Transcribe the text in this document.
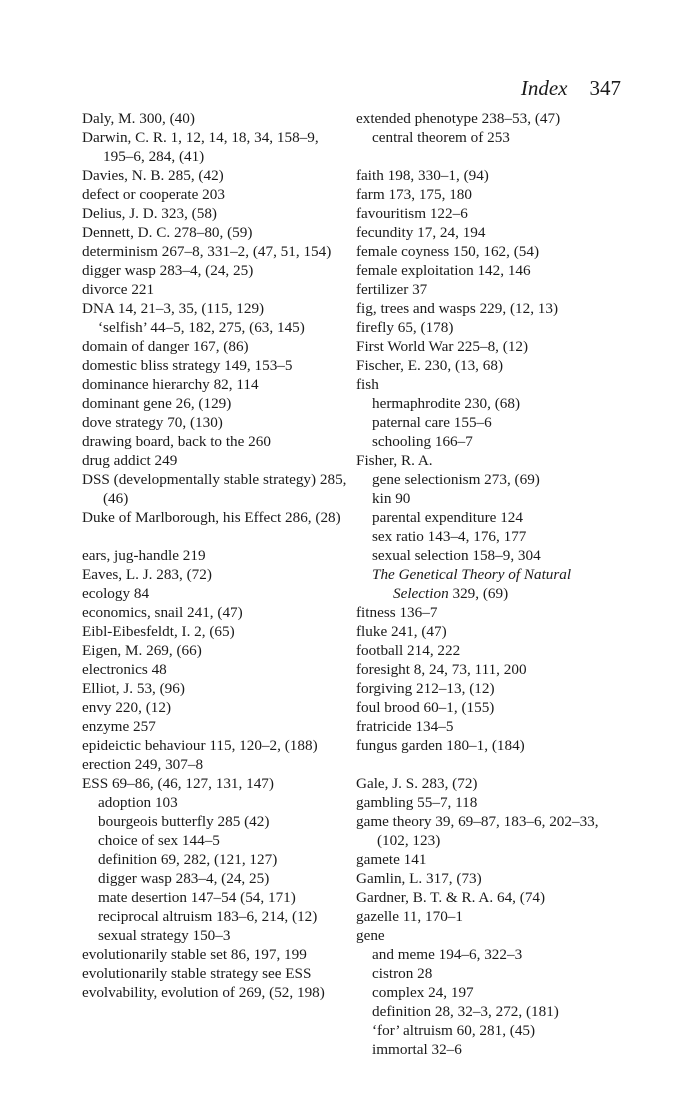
Index 347
Daly, M. 300, (40)
Darwin, C. R. 1, 12, 14, 18, 34, 158–9, 195–6, 284, (41)
Davies, N. B. 285, (42)
defect or cooperate 203
Delius, J. D. 323, (58)
Dennett, D. C. 278–80, (59)
determinism 267–8, 331–2, (47, 51, 154)
digger wasp 283–4, (24, 25)
divorce 221
DNA 14, 21–3, 35, (115, 129)
‘selfish’ 44–5, 182, 275, (63, 145)
domain of danger 167, (86)
domestic bliss strategy 149, 153–5
dominance hierarchy 82, 114
dominant gene 26, (129)
dove strategy 70, (130)
drawing board, back to the 260
drug addict 249
DSS (developmentally stable strategy) 285, (46)
Duke of Marlborough, his Effect 286, (28)
ears, jug-handle 219
Eaves, L. J. 283, (72)
ecology 84
economics, snail 241, (47)
Eibl-Eibesfeldt, I. 2, (65)
Eigen, M. 269, (66)
electronics 48
Elliot, J. 53, (96)
envy 220, (12)
enzyme 257
epideictic behaviour 115, 120–2, (188)
erection 249, 307–8
ESS 69–86, (46, 127, 131, 147)
adoption 103
bourgeois butterfly 285 (42)
choice of sex 144–5
definition 69, 282, (121, 127)
digger wasp 283–4, (24, 25)
mate desertion 147–54 (54, 171)
reciprocal altruism 183–6, 214, (12)
sexual strategy 150–3
evolutionarily stable set 86, 197, 199
evolutionarily stable strategy see ESS
evolvability, evolution of 269, (52, 198)
extended phenotype 238–53, (47)
central theorem of 253
faith 198, 330–1, (94)
farm 173, 175, 180
favouritism 122–6
fecundity 17, 24, 194
female coyness 150, 162, (54)
female exploitation 142, 146
fertilizer 37
fig, trees and wasps 229, (12, 13)
firefly 65, (178)
First World War 225–8, (12)
Fischer, E. 230, (13, 68)
fish
hermaphrodite 230, (68)
paternal care 155–6
schooling 166–7
Fisher, R. A.
gene selectionism 273, (69)
kin 90
parental expenditure 124
sex ratio 143–4, 176, 177
sexual selection 158–9, 304
The Genetical Theory of Natural Selection 329, (69)
fitness 136–7
fluke 241, (47)
football 214, 222
foresight 8, 24, 73, 111, 200
forgiving 212–13, (12)
foul brood 60–1, (155)
fratricide 134–5
fungus garden 180–1, (184)
Gale, J. S. 283, (72)
gambling 55–7, 118
game theory 39, 69–87, 183–6, 202–33, (102, 123)
gamete 141
Gamlin, L. 317, (73)
Gardner, B. T. & R. A. 64, (74)
gazelle 11, 170–1
gene
and meme 194–6, 322–3
cistron 28
complex 24, 197
definition 28, 32–3, 272, (181)
‘for’ altruism 60, 281, (45)
immortal 32–6
